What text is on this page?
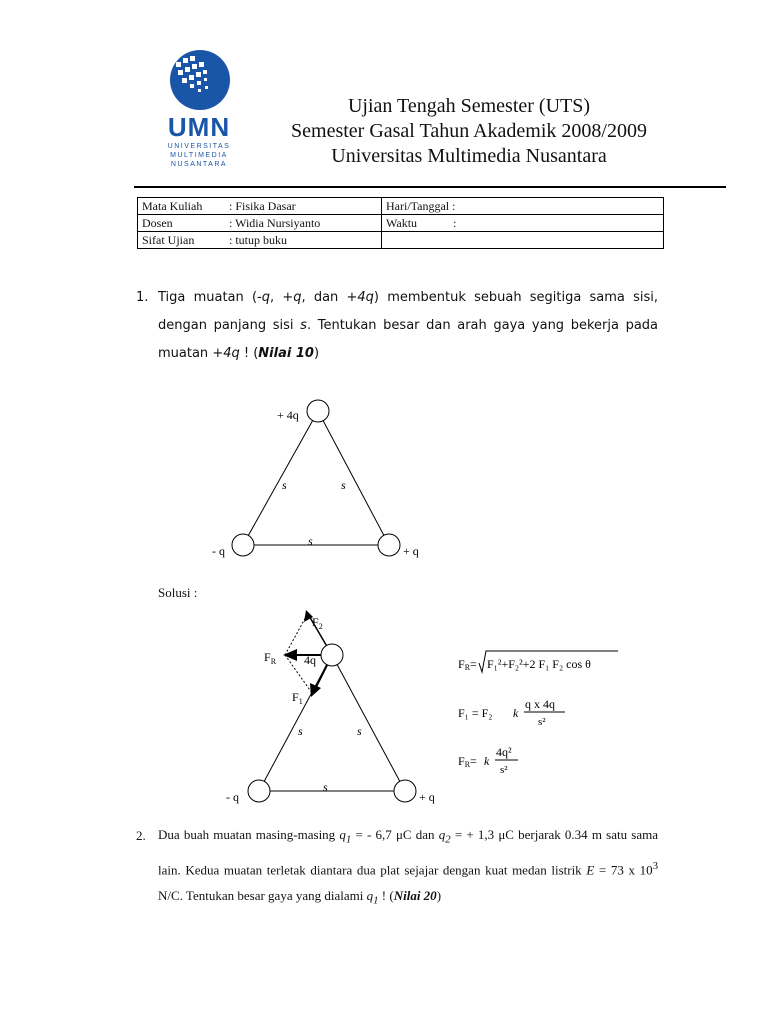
UMN
UNIVERSITAS
MULTIMEDIA
NUSANTARA
Ujian Tengah Semester (UTS)
Semester Gasal Tahun Akademik 2008/2009
Universitas Multimedia Nusantara
Mata Kuliah : Fisika Dasar	Hari/Tanggal :
Dosen : Widia Nursiyanto	Waktu            :
Sifat Ujian : tutup buku	
1. Tiga muatan (-q, +q, dan +4q) membentuk sebuah segitiga sama sisi, dengan panjang sisi s. Tentukan besar dan arah gaya yang bekerja pada muatan +4q ! (Nilai 10)
+ 4q
- q	+ q
s	s
s
Solusi :
$F_2$
$F_R$ 4q
$F_1$
- q	+ q
s	s
s
FR= F₁²+F₂²+2 F₁ F₂ cos θ
F₁ = F₂ k
q x 4q
s²
FR= k
4q²
s²
2. Dua buah muatan masing-masing $q_1$ = - 6,7 μC dan $q_2$ = + 1,3 μC berjarak 0.34 m satu sama lain. Kedua muatan terletak diantara dua plat sejajar dengan kuat medan listrik E = 73 x $10^3$ N/C. Tentukan besar gaya yang dialami $q_1$ ! (Nilai 20)
